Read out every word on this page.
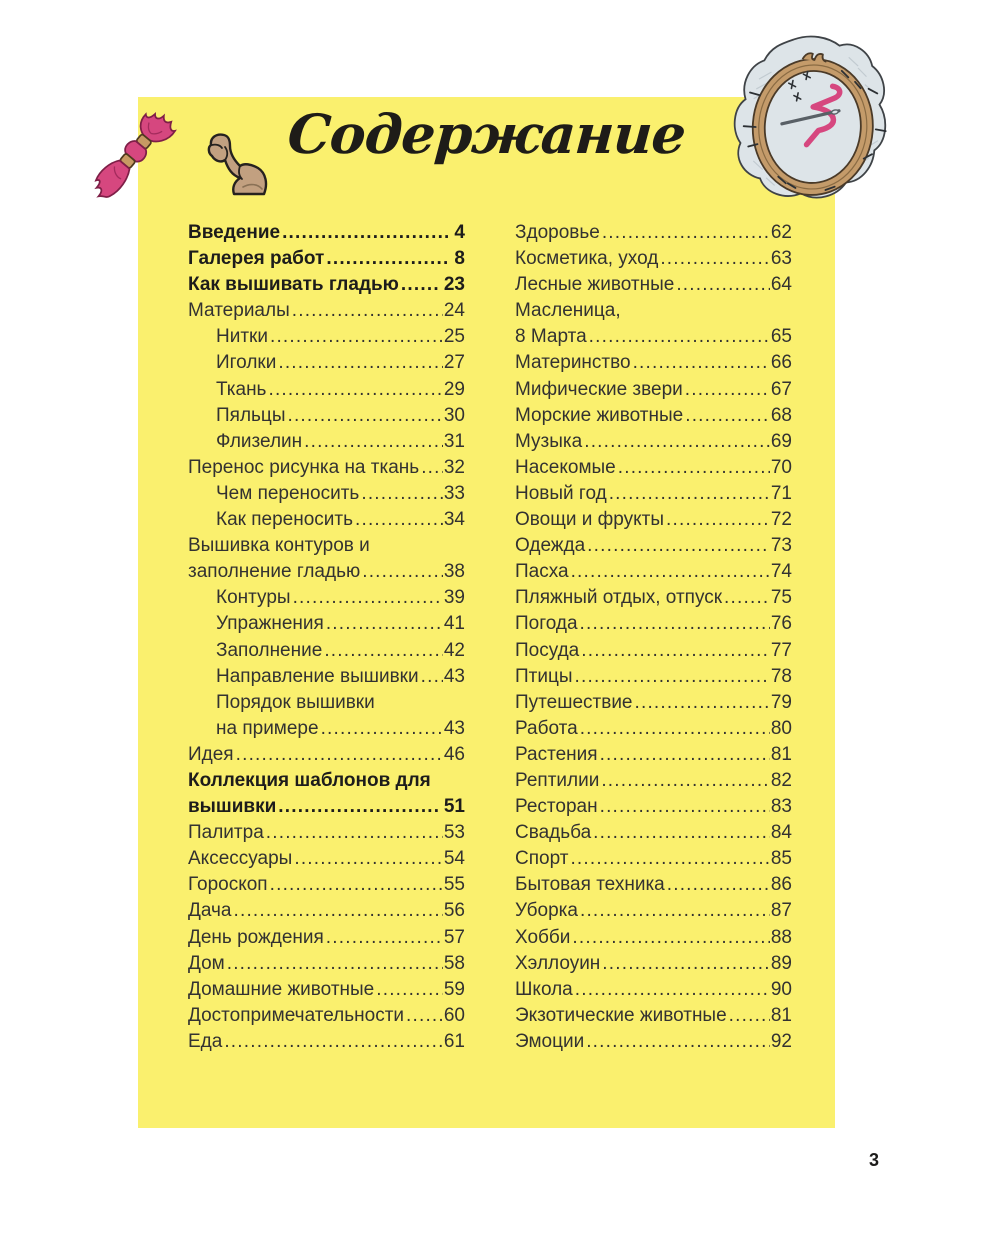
Содержание
Введение .....	4
Галерея работ .....	8
Как вышивать гладью ..... 23
Материалы .....	24
Нитки .....	25
Иголки .....	27
Ткань .....	29
Пяльцы .....	30
Флизелин .....	31
Перенос рисунка на ткань ..... 32
Чем переносить .....	33
Как переносить .....	34
Вышивка контуров и
заполнение гладью .....	38
Контуры .....	39
Упражнения .....	41
Заполнение .....	42
Направление вышивки ..... 43
Порядок вышивки
на примере .....	43
Идея .....	46
Коллекция шаблонов для
вышивки .....	51
Палитра .....	53
Аксессуары .....	54
Гороскоп .....	55
Дача .....	56
День рождения .....	57
Дом .....	58
Домашние животные .....	59
Достопримечательности ..... 60
Еда .....	61
Здоровье .....	62
Косметика, уход .....	63
Лесные животные .....	64
Масленица,
8 Марта .....	65
Материнство .....	66
Мифические звери .....	67
Морские животные .....	68
Музыка .....	69
Насекомые .....	70
Новый год .....	71
Овощи и фрукты .....	72
Одежда .....	73
Пасха .....	74
Пляжный отдых, отпуск .....	75
Погода .....	76
Посуда .....	77
Птицы .....	78
Путешествие .....	79
Работа .....	80
Растения .....	81
Рептилии .....	82
Ресторан .....	83
Свадьба .....	84
Спорт .....	85
Бытовая техника .....	86
Уборка .....	87
Хобби .....	88
Хэллоуин .....	89
Школа .....	90
Экзотические животные ..... 81
Эмоции .....	92
3
